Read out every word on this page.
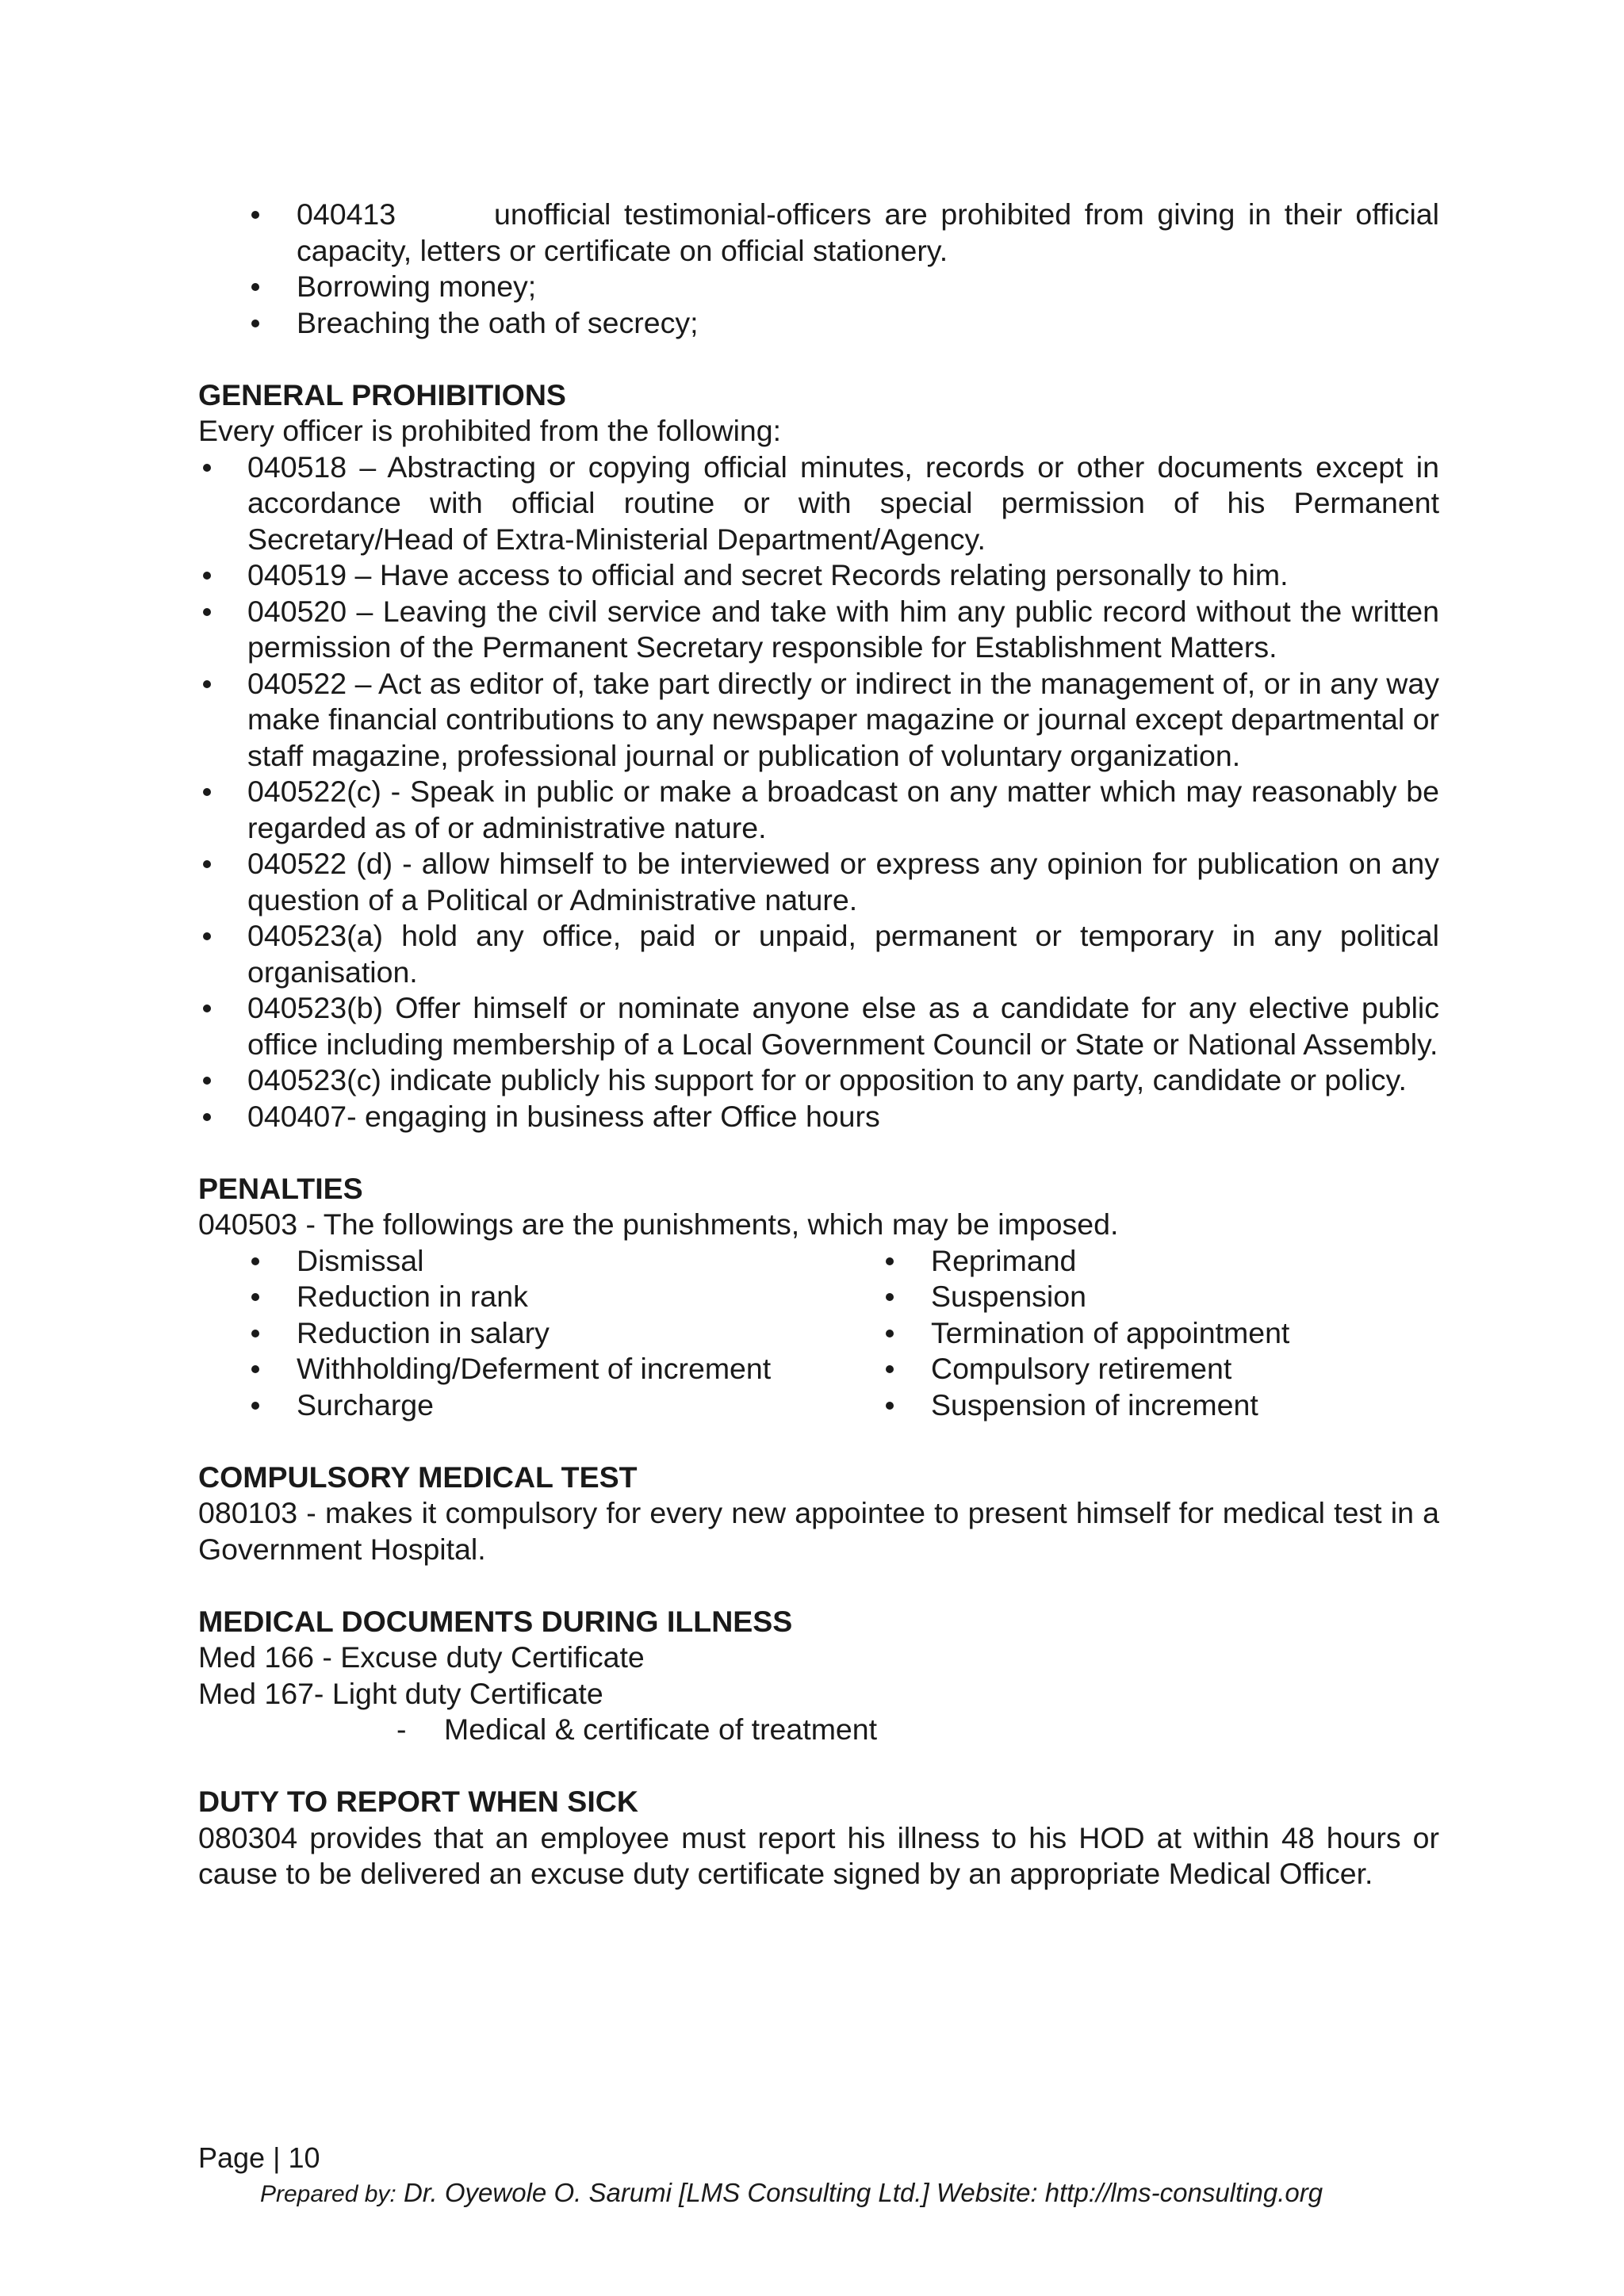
040413	unofficial testimonial-officers are prohibited from giving in their official capacity, letters or certificate on official stationery.
Borrowing money;
Breaching the oath of secrecy;

GENERAL PROHIBITIONS

Every officer is prohibited from the following:

040518 – Abstracting or copying official minutes, records or other documents except in accordance with official routine or with special permission of his Permanent Secretary/Head of Extra-Ministerial Department/Agency.
040519 – Have access to official and secret Records relating personally to him.
040520 – Leaving the civil service and take with him any public record without the written permission of the Permanent Secretary responsible for Establishment Matters.
040522 – Act as editor of, take part directly or indirect in the management of, or in any way make financial contributions to any newspaper magazine or journal except departmental or staff magazine, professional journal or publication of voluntary organization.
040522(c) - Speak in public or make a broadcast on any matter which may reasonably be regarded as of or administrative nature.
040522 (d) - allow himself to be interviewed or express any opinion for publication on any question of a Political or Administrative nature.
040523(a) hold any office, paid or unpaid, permanent or temporary in any political organisation.
040523(b) Offer himself or nominate anyone else as a candidate for any elective public office including membership of a Local Government Council or State or National Assembly.
040523(c) indicate publicly his support for or opposition to any party, candidate or policy.
040407- engaging in business after Office hours

PENALTIES

040503 - The followings are the punishments, which may be imposed.

Dismissal
Reduction in rank
Reduction in salary
Withholding/Deferment of increment
Surcharge
Reprimand
Suspension
Termination of appointment
Compulsory retirement
Suspension of increment

COMPULSORY MEDICAL TEST

080103 - makes it compulsory for every new appointee to present himself for medical test in a Government Hospital.

MEDICAL DOCUMENTS DURING ILLNESS

Med 166 - Excuse duty Certificate

Med 167- Light duty Certificate

- Medical & certificate of treatment

DUTY TO REPORT WHEN SICK

080304 provides that an employee must report his illness to his HOD at within 48 hours or cause to be delivered an excuse duty certificate signed by an appropriate Medical Officer.

Page | 10
Prepared by: Dr. Oyewole O. Sarumi [LMS Consulting Ltd.] Website: http://lms-consulting.org
